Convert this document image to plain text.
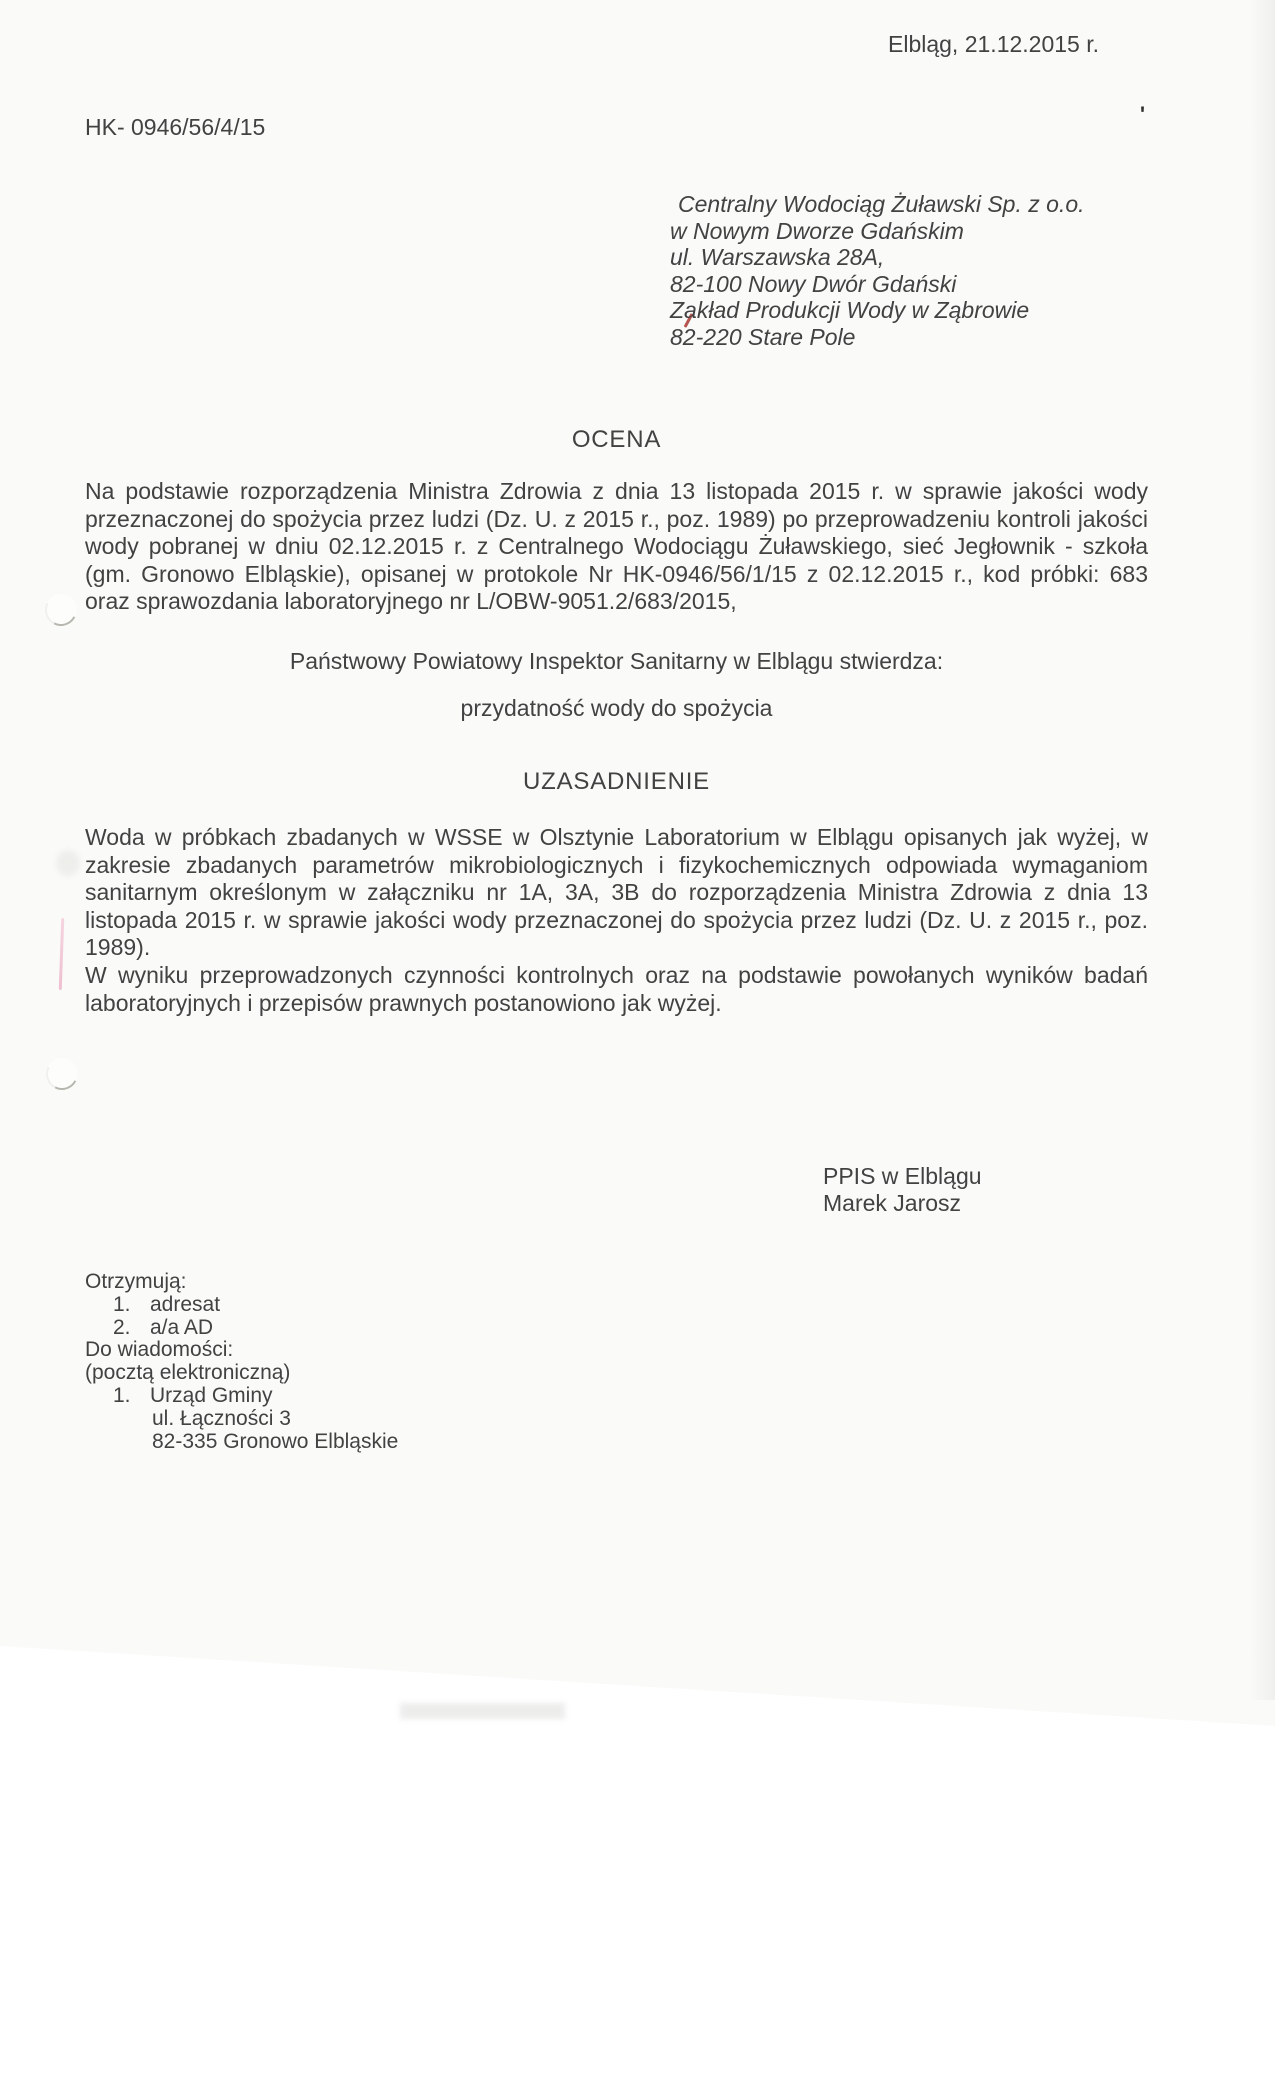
Elbląg, 21.12.2015 r.
HK- 0946/56/4/15	'
Centralny Wodociąg Żuławski Sp. z o.o.
w Nowym Dworze Gdańskim
ul. Warszawska 28A,
82-100 Nowy Dwór Gdański
Zakład Produkcji Wody w Ząbrowie
82-220 Stare Pole
OCENA
Na podstawie rozporządzenia Ministra Zdrowia z dnia 13 listopada 2015 r. w sprawie jakości wody przeznaczonej do spożycia przez ludzi (Dz. U. z 2015 r., poz. 1989) po przeprowadzeniu kontroli jakości wody pobranej w dniu 02.12.2015 r. z Centralnego Wodociągu Żuławskiego, sieć Jegłownik - szkoła (gm. Gronowo Elbląskie), opisanej w protokole Nr HK-0946/56/1/15 z 02.12.2015 r., kod próbki: 683 oraz sprawozdania laboratoryjnego nr L/OBW-9051.2/683/2015,
Państwowy Powiatowy Inspektor Sanitarny w Elblągu stwierdza:
przydatność wody do spożycia
UZASADNIENIE

Woda w próbkach zbadanych w WSSE w Olsztynie Laboratorium w Elblągu opisanych jak wyżej, w zakresie zbadanych parametrów mikrobiologicznych i fizykochemicznych odpowiada wymaganiom sanitarnym określonym w załączniku nr 1A, 3A, 3B do rozporządzenia Ministra Zdrowia z dnia 13 listopada 2015 r. w sprawie jakości wody przeznaczonej do spożycia przez ludzi (Dz. U. z 2015 r., poz. 1989).

W wyniku przeprowadzonych czynności kontrolnych oraz na podstawie powołanych wyników badań laboratoryjnych i przepisów prawnych postanowiono jak wyżej.

PPIS w Elblągu
Marek Jarosz
Otrzymują:
1. adresat
2. a/a AD
Do wiadomości:
(pocztą elektroniczną)
1. Urząd Gminy
ul. Łączności 3
82-335 Gronowo Elbląskie
